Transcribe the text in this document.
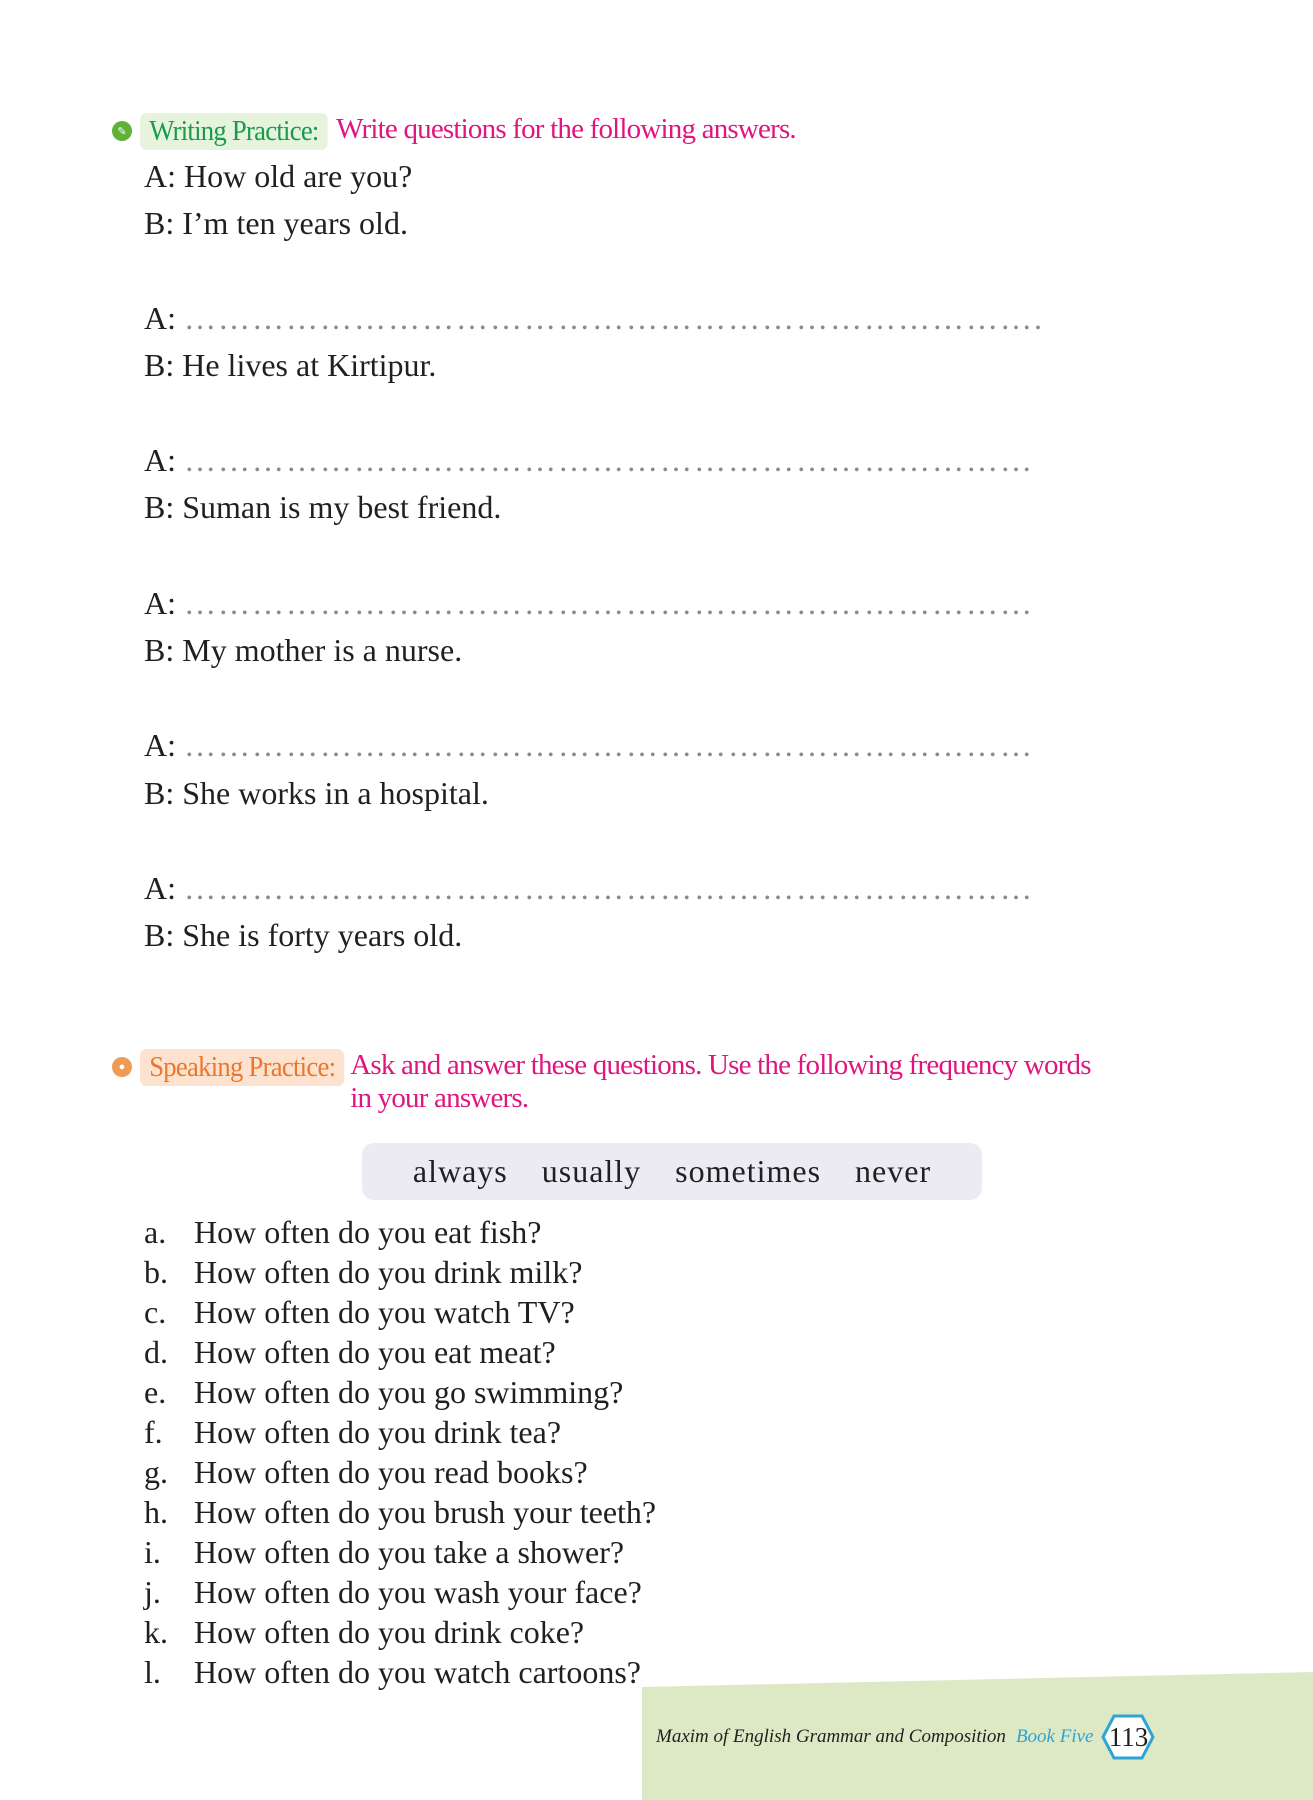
✎ Writing Practice: Write questions for the following answers.
A: How old are you?
B: I’m ten years old.
A: ………………………………………………………………….
B: He lives at Kirtipur.
A: …………………………………………………………………
B: Suman is my best friend.
A: …………………………………………………………………
B: My mother is a nurse.
A: …………………………………………………………………
B: She works in a hospital.
A: …………………………………………………………………
B: She is forty years old.
● Speaking Practice: Ask and answer these questions. Use the following frequency words
in your answers.
always usually sometimes never
a. How often do you eat fish?
b. How often do you drink milk?
c. How often do you watch TV?
d. How often do you eat meat?
e. How often do you go swimming?
f. How often do you drink tea?
g. How often do you read books?
h. How often do you brush your teeth?
i.	How often do you take a shower?
j.	How often do you wash your face?
k. How often do you drink coke?
l.	How often do you watch cartoons?
Maxim of English Grammar and Composition Book Five 113
